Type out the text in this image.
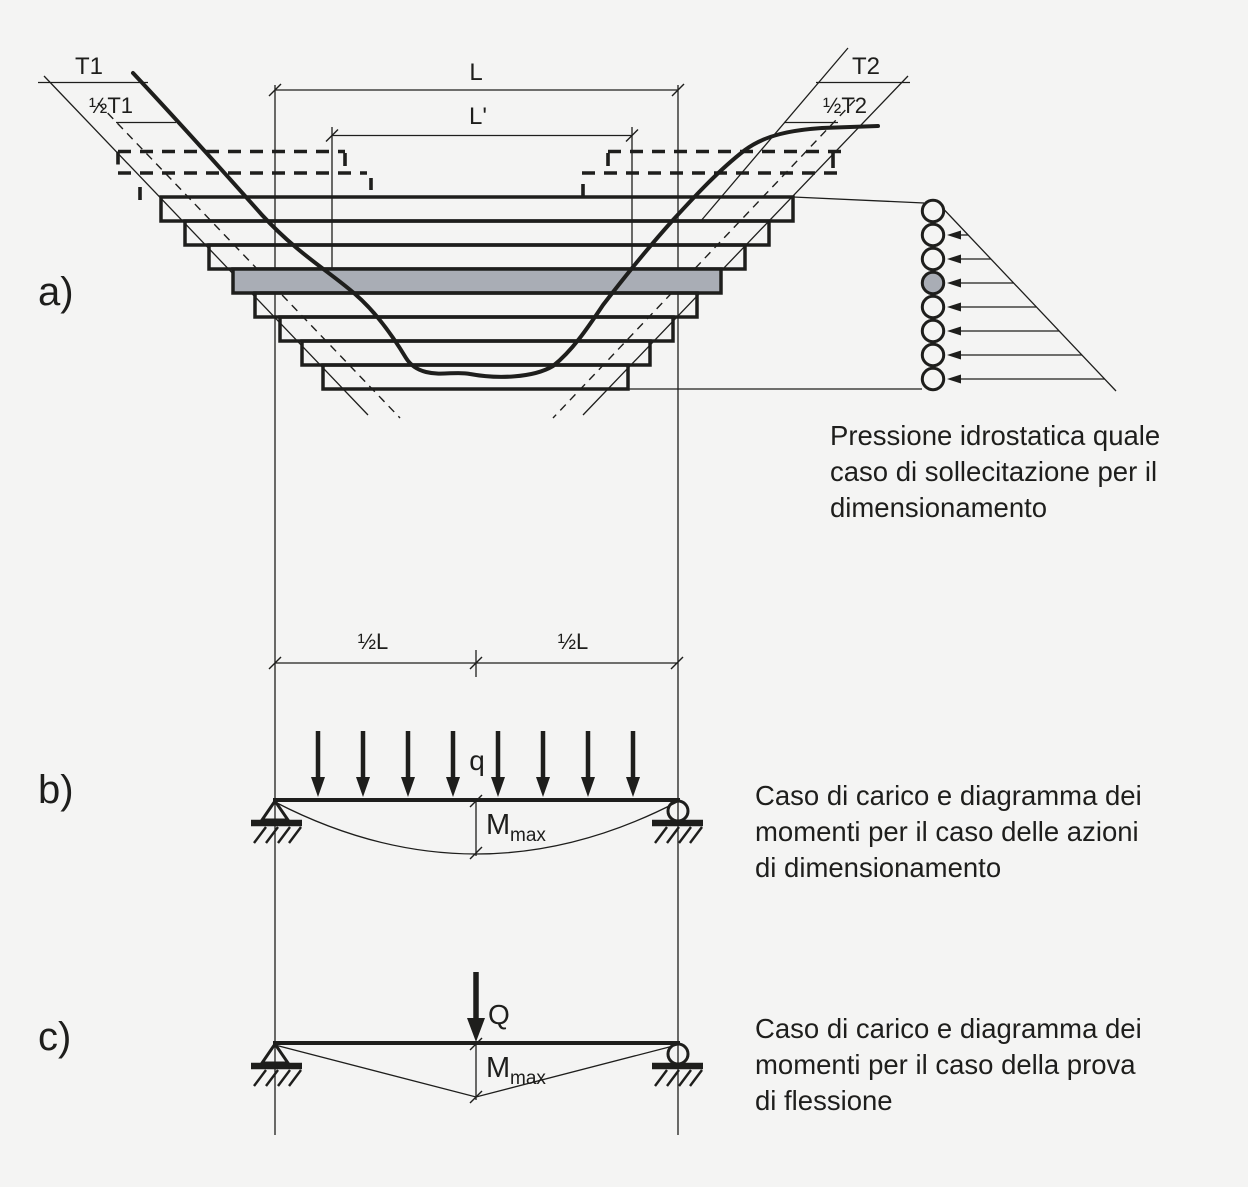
L
L'
T1
½T1
T2
½T2
Pressione idrostatica quale
caso di sollecitazione per il
dimensionamento
a)
½L	½L
q
M max
Caso di carico e diagramma dei
momenti per il caso delle azioni
di dimensionamento
b)
Q
M max
Caso di carico e diagramma dei
momenti per il caso della prova
di flessione
c)
